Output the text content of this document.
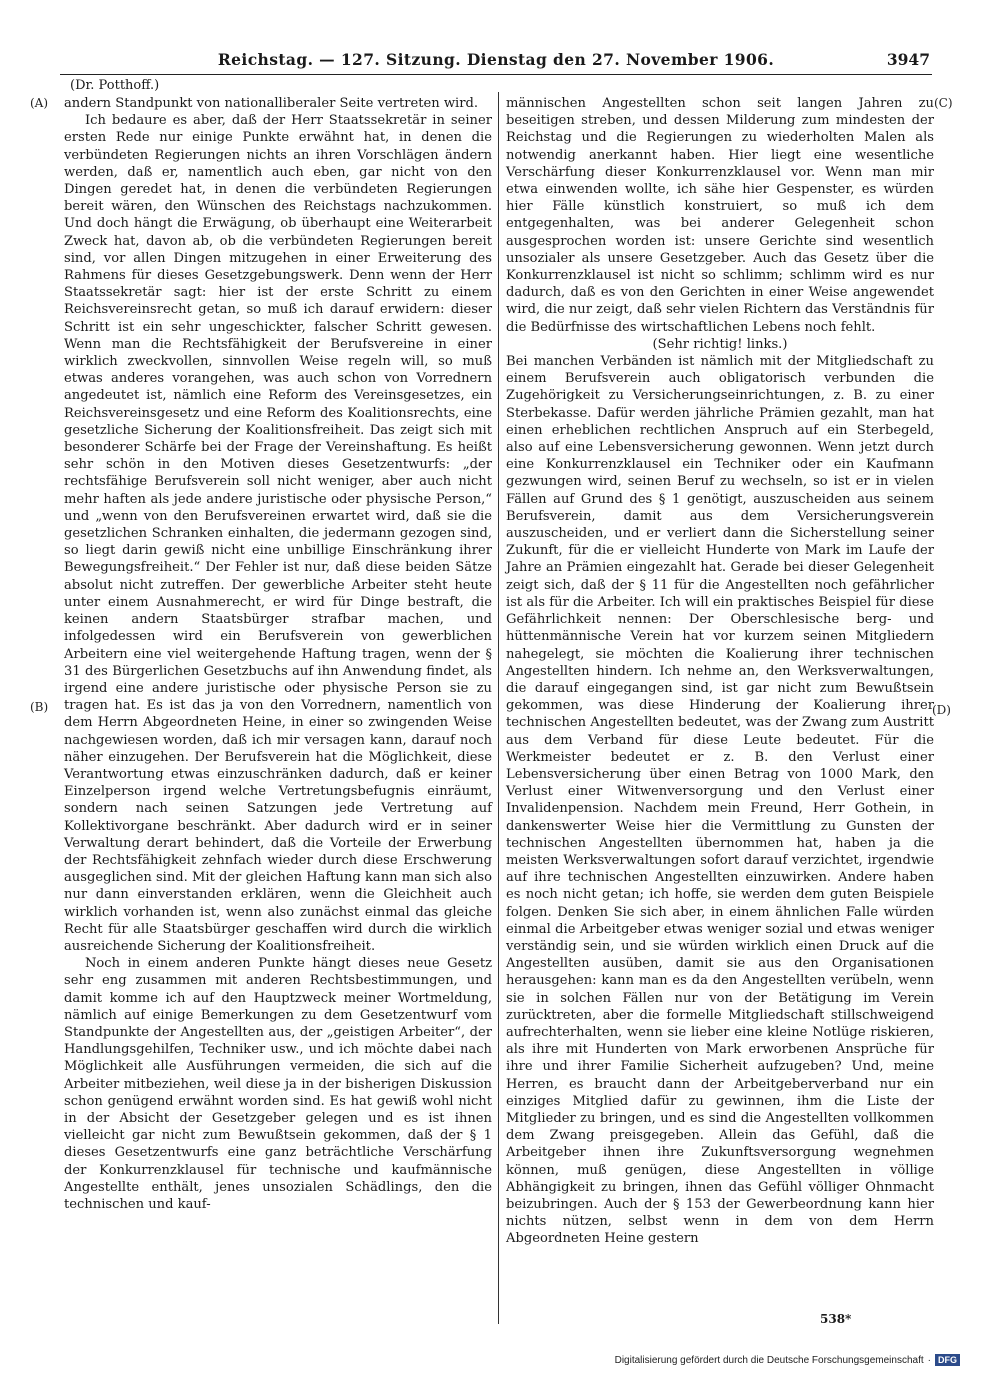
Reichstag. — 127. Sitzung. Dienstag den 27. November 1906.	3947
(Dr. Potthoff.)
(A)
(B)
(C)
(D)

andern Standpunkt von nationalliberaler Seite vertreten wird.

Ich bedaure es aber, daß der Herr Staatssekretär in seiner ersten Rede nur einige Punkte erwähnt hat, in denen die verbündeten Regierungen nichts an ihren Vorschlägen ändern werden, daß er, namentlich auch eben, gar nicht von den Dingen geredet hat, in denen die verbündeten Regierungen bereit wären, den Wünschen des Reichstags nachzukommen. Und doch hängt die Erwägung, ob überhaupt eine Weiterarbeit Zweck hat, davon ab, ob die verbündeten Regierungen bereit sind, vor allen Dingen mitzugehen in einer Erweiterung des Rahmens für dieses Gesetzgebungswerk. Denn wenn der Herr Staatssekretär sagt: hier ist der erste Schritt zu einem Reichsvereinsrecht getan, so muß ich darauf erwidern: dieser Schritt ist ein sehr ungeschickter, falscher Schritt gewesen. Wenn man die Rechtsfähigkeit der Berufsvereine in einer wirklich zweckvollen, sinnvollen Weise regeln will, so muß etwas anderes vorangehen, was auch schon von Vorrednern angedeutet ist, nämlich eine Reform des Vereinsgesetzes, ein Reichsvereinsgesetz und eine Reform des Koalitionsrechts, eine gesetzliche Sicherung der Koalitionsfreiheit. Das zeigt sich mit besonderer Schärfe bei der Frage der Vereinshaftung. Es heißt sehr schön in den Motiven dieses Gesetzentwurfs: „der rechtsfähige Berufsverein soll nicht weniger, aber auch nicht mehr haften als jede andere juristische oder physische Person,“ und „wenn von den Berufsvereinen erwartet wird, daß sie die gesetzlichen Schranken einhalten, die jedermann gezogen sind, so liegt darin gewiß nicht eine unbillige Einschränkung ihrer Bewegungsfreiheit.“ Der Fehler ist nur, daß diese beiden Sätze absolut nicht zutreffen. Der gewerbliche Arbeiter steht heute unter einem Ausnahmerecht, er wird für Dinge bestraft, die keinen andern Staatsbürger strafbar machen, und infolgedessen wird ein Berufsverein von gewerblichen Arbeitern eine viel weitergehende Haftung tragen, wenn der § 31 des Bürgerlichen Gesetzbuchs auf ihn Anwendung findet, als irgend eine andere juristische oder physische Person sie zu tragen hat. Es ist das ja von den Vorrednern, namentlich von dem Herrn Abgeordneten Heine, in einer so zwingenden Weise nachgewiesen worden, daß ich mir versagen kann, darauf noch näher einzugehen. Der Berufsverein hat die Möglichkeit, diese Verantwortung etwas einzuschränken dadurch, daß er keiner Einzelperson irgend welche Vertretungsbefugnis einräumt, sondern nach seinen Satzungen jede Vertretung auf Kollektivorgane beschränkt. Aber dadurch wird er in seiner Verwaltung derart behindert, daß die Vorteile der Erwerbung der Rechtsfähigkeit zehnfach wieder durch diese Erschwerung ausgeglichen sind. Mit der gleichen Haftung kann man sich also nur dann einverstanden erklären, wenn die Gleichheit auch wirklich vorhanden ist, wenn also zunächst einmal das gleiche Recht für alle Staatsbürger geschaffen wird durch die wirklich ausreichende Sicherung der Koalitionsfreiheit.

Noch in einem anderen Punkte hängt dieses neue Gesetz sehr eng zusammen mit anderen Rechtsbestimmungen, und damit komme ich auf den Hauptzweck meiner Wortmeldung, nämlich auf einige Bemerkungen zu dem Gesetzentwurf vom Standpunkte der Angestellten aus, der „geistigen Arbeiter“, der Handlungsgehilfen, Techniker usw., und ich möchte dabei nach Möglichkeit alle Ausführungen vermeiden, die sich auf die Arbeiter mitbeziehen, weil diese ja in der bisherigen Diskussion schon genügend erwähnt worden sind. Es hat gewiß wohl nicht in der Absicht der Gesetzgeber gelegen und es ist ihnen vielleicht gar nicht zum Bewußtsein gekommen, daß der § 1 dieses Gesetzentwurfs eine ganz beträchtliche Verschärfung der Konkurrenzklausel für technische und kaufmännische Angestellte enthält, jenes unsozialen Schädlings, den die technischen und kauf-

männischen Angestellten schon seit langen Jahren zu beseitigen streben, und dessen Milderung zum mindesten der Reichstag und die Regierungen zu wiederholten Malen als notwendig anerkannt haben. Hier liegt eine wesentliche Verschärfung dieser Konkurrenzklausel vor. Wenn man mir etwa einwenden wollte, ich sähe hier Gespenster, es würden hier Fälle künstlich konstruiert, so muß ich dem entgegenhalten, was bei anderer Gelegenheit schon ausgesprochen worden ist: unsere Gerichte sind wesentlich unsozialer als unsere Gesetzgeber. Auch das Gesetz über die Konkurrenzklausel ist nicht so schlimm; schlimm wird es nur dadurch, daß es von den Gerichten in einer Weise angewendet wird, die nur zeigt, daß sehr vielen Richtern das Verständnis für die Bedürfnisse des wirtschaftlichen Lebens noch fehlt.

(Sehr richtig! links.)

Bei manchen Verbänden ist nämlich mit der Mitgliedschaft zu einem Berufsverein auch obligatorisch verbunden die Zugehörigkeit zu Versicherungseinrichtungen, z. B. zu einer Sterbekasse. Dafür werden jährliche Prämien gezahlt, man hat einen erheblichen rechtlichen Anspruch auf ein Sterbegeld, also auf eine Lebensversicherung gewonnen. Wenn jetzt durch eine Konkurrenzklausel ein Techniker oder ein Kaufmann gezwungen wird, seinen Beruf zu wechseln, so ist er in vielen Fällen auf Grund des § 1 genötigt, auszuscheiden aus seinem Berufsverein, damit aus dem Versicherungsverein auszuscheiden, und er verliert dann die Sicherstellung seiner Zukunft, für die er vielleicht Hunderte von Mark im Laufe der Jahre an Prämien eingezahlt hat. Gerade bei dieser Gelegenheit zeigt sich, daß der § 11 für die Angestellten noch gefährlicher ist als für die Arbeiter. Ich will ein praktisches Beispiel für diese Gefährlichkeit nennen: Der Oberschlesische berg- und hüttenmännische Verein hat vor kurzem seinen Mitgliedern nahegelegt, sie möchten die Koalierung ihrer technischen Angestellten hindern. Ich nehme an, den Werksverwaltungen, die darauf eingegangen sind, ist gar nicht zum Bewußtsein gekommen, was diese Hinderung der Koalierung ihrer technischen Angestellten bedeutet, was der Zwang zum Austritt aus dem Verband für diese Leute bedeutet. Für die Werkmeister bedeutet er z. B. den Verlust einer Lebensversicherung über einen Betrag von 1000 Mark, den Verlust einer Witwenversorgung und den Verlust einer Invalidenpension. Nachdem mein Freund, Herr Gothein, in dankenswerter Weise hier die Vermittlung zu Gunsten der technischen Angestellten übernommen hat, haben ja die meisten Werksverwaltungen sofort darauf verzichtet, irgendwie auf ihre technischen Angestellten einzuwirken. Andere haben es noch nicht getan; ich hoffe, sie werden dem guten Beispiele folgen. Denken Sie sich aber, in einem ähnlichen Falle würden einmal die Arbeitgeber etwas weniger sozial und etwas weniger verständig sein, und sie würden wirklich einen Druck auf die Angestellten ausüben, damit sie aus den Organisationen herausgehen: kann man es da den Angestellten verübeln, wenn sie in solchen Fällen nur von der Betätigung im Verein zurücktreten, aber die formelle Mitgliedschaft stillschweigend aufrechterhalten, wenn sie lieber eine kleine Notlüge riskieren, als ihre mit Hunderten von Mark erworbenen Ansprüche für ihre und ihrer Familie Sicherheit aufzugeben? Und, meine Herren, es braucht dann der Arbeitgeberverband nur ein einziges Mitglied dafür zu gewinnen, ihm die Liste der Mitglieder zu bringen, und es sind die Angestellten vollkommen dem Zwang preisgegeben. Allein das Gefühl, daß die Arbeitgeber ihnen ihre Zukunftsversorgung wegnehmen können, muß genügen, diese Angestellten in völlige Abhängigkeit zu bringen, ihnen das Gefühl völliger Ohnmacht beizubringen. Auch der § 153 der Gewerbeordnung kann hier nichts nützen, selbst wenn in dem von dem Herrn Abgeordneten Heine gestern

538*
Digitalisierung gefördert durch die Deutsche Forschungsgemeinschaft · DFG
